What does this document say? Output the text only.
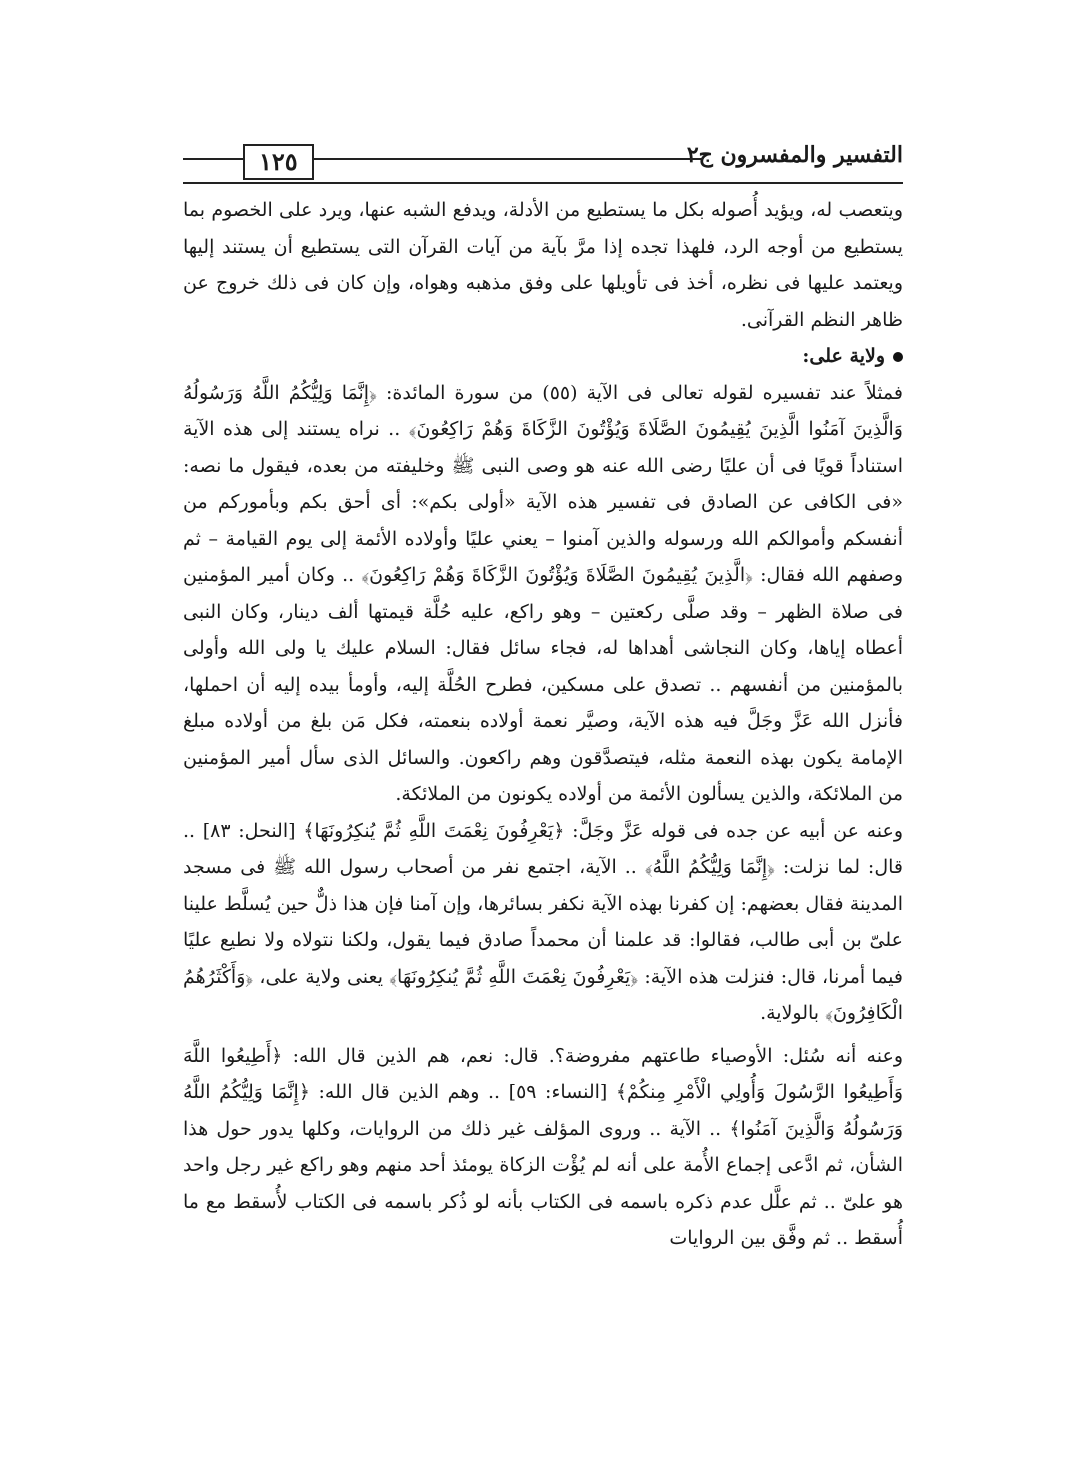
التفسير والمفسرون ج٢
١٢٥

ويتعصب له، ويؤيد أُصوله بكل ما يستطيع من الأدلة، ويدفع الشبه عنها، ويرد على الخصوم بما يستطيع من أوجه الرد، فلهذا تجده إذا مرَّ بآية من آيات القرآن التى يستطيع أن يستند إليها ويعتمد عليها فى نظره، أخذ فى تأويلها على وفق مذهبه وهواه، وإن كان فى ذلك خروج عن ظاهر النظم القرآنى.

ولاية على:

فمثلاً عند تفسيره لقوله تعالى فى الآية (٥٥) من سورة المائدة: ﴿إِنَّمَا وَلِيُّكُمُ اللَّهُ وَرَسُولُهُ وَالَّذِينَ آمَنُوا الَّذِينَ يُقِيمُونَ الصَّلَاةَ وَيُؤْتُونَ الزَّكَاةَ وَهُمْ رَاكِعُونَ﴾ .. نراه يستند إلى هذه الآية استناداً قويًا فى أن عليًا رضى الله عنه هو وصى النبى ﷺ وخليفته من بعده، فيقول ما نصه: «فى الكافى عن الصادق فى تفسير هذه الآية «أولى بكم»: أى أحق بكم وبأموركم من أنفسكم وأموالكم الله ورسوله والذين آمنوا – يعني عليًا وأولاده الأئمة إلى يوم القيامة – ثم وصفهم الله فقال: ﴿الَّذِينَ يُقِيمُونَ الصَّلَاةَ وَيُؤْتُونَ الزَّكَاةَ وَهُمْ رَاكِعُونَ﴾ .. وكان أمير المؤمنين فى صلاة الظهر – وقد صلَّى ركعتين – وهو راكع، عليه حُلَّة قيمتها ألف دينار، وكان النبى أعطاه إياها، وكان النجاشى أهداها له، فجاء سائل فقال: السلام عليك يا ولى الله وأولى بالمؤمنين من أنفسهم .. تصدق على مسكين، فطرح الحُلَّة إليه، وأومأ بيده إليه أن احملها، فأنزل الله عَزَّ وجَلَّ فيه هذه الآية، وصيَّر نعمة أولاده بنعمته، فكل مَن بلغ من أولاده مبلغ الإمامة يكون بهذه النعمة مثله، فيتصدَّقون وهم راكعون. والسائل الذى سأل أمير المؤمنين من الملائكة، والذين يسألون الأئمة من أولاده يكونون من الملائكة.

وعنه عن أبيه عن جده فى قوله عَزَّ وجَلَّ: ﴿يَعْرِفُونَ نِعْمَتَ اللَّهِ ثُمَّ يُنكِرُونَهَا﴾ [النحل: ٨٣] .. قال: لما نزلت: ﴿إِنَّمَا وَلِيُّكُمُ اللَّهُ﴾ .. الآية، اجتمع نفر من أصحاب رسول الله ﷺ فى مسجد المدينة فقال بعضهم: إن كفرنا بهذه الآية نكفر بسائرها، وإن آمنا فإن هذا ذلٌّ حين يُسلَّط علينا علىّ بن أبى طالب، فقالوا: قد علمنا أن محمداً صادق فيما يقول، ولكنا نتولاه ولا نطيع عليًا فيما أمرنا، قال: فنزلت هذه الآية: ﴿يَعْرِفُونَ نِعْمَتَ اللَّهِ ثُمَّ يُنكِرُونَهَا﴾ يعنى ولاية على، ﴿وَأَكْثَرُهُمُ الْكَافِرُونَ﴾ بالولاية.

وعنه أنه سُئل: الأوصياء طاعتهم مفروضة؟. قال: نعم، هم الذين قال الله: ﴿أَطِيعُوا اللَّهَ وَأَطِيعُوا الرَّسُولَ وَأُولِي الْأَمْرِ مِنكُمْ﴾ [النساء: ٥٩] .. وهم الذين قال الله: ﴿إِنَّمَا وَلِيُّكُمُ اللَّهُ وَرَسُولُهُ وَالَّذِينَ آمَنُوا﴾ .. الآية .. وروى المؤلف غير ذلك من الروايات، وكلها يدور حول هذا الشأن، ثم ادَّعى إجماع الأُمة على أنه لم يُؤْت الزكاة يومئذ أحد منهم وهو راكع غير رجل واحد هو علىّ .. ثم علَّل عدم ذكره باسمه فى الكتاب بأنه لو ذُكر باسمه فى الكتاب لأُسقط مع ما أُسقط .. ثم وفَّق بين الروايات
